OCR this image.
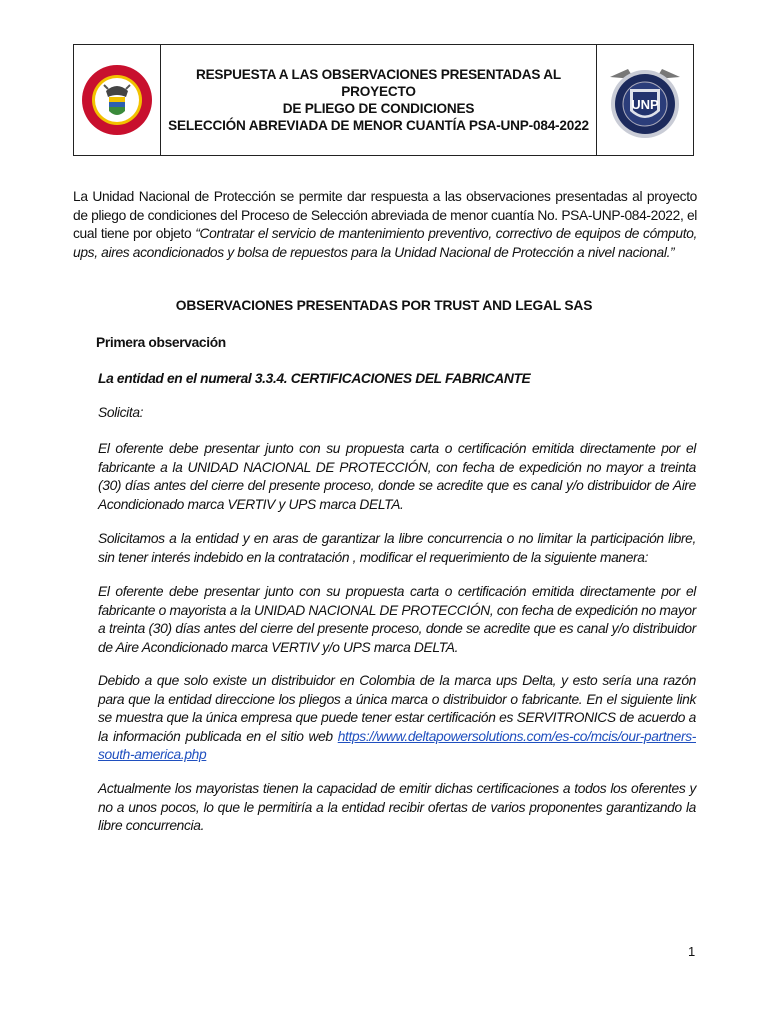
RESPUESTA A LAS OBSERVACIONES PRESENTADAS AL PROYECTO
DE PLIEGO DE CONDICIONES
SELECCIÓN ABREVIADA DE MENOR CUANTÍA PSA-UNP-084-2022
UNP
La Unidad Nacional de Protección se permite dar respuesta a las observaciones presentadas al proyecto de pliego de condiciones del Proceso de Selección abreviada de menor cuantía No. PSA-UNP-084-2022, el cual tiene por objeto “Contratar el servicio de mantenimiento preventivo, correctivo de equipos de cómputo, ups, aires acondicionados y bolsa de repuestos para la Unidad Nacional de Protección a nivel nacional.”
OBSERVACIONES PRESENTADAS POR TRUST AND LEGAL SAS
Primera observación
La entidad en el numeral 3.3.4. CERTIFICACIONES DEL FABRICANTE
Solicita:
El oferente debe presentar junto con su propuesta carta o certificación emitida directamente por el fabricante a la UNIDAD NACIONAL DE PROTECCIÓN, con fecha de expedición no mayor a treinta (30) días antes del cierre del presente proceso, donde se acredite que es canal y/o distribuidor de Aire Acondicionado marca VERTIV y UPS marca DELTA.
Solicitamos a la entidad y en aras de garantizar la libre concurrencia o no limitar la participación libre, sin tener interés indebido en la contratación , modificar el requerimiento de la siguiente manera:
El oferente debe presentar junto con su propuesta carta o certificación emitida directamente por el fabricante o mayorista a la UNIDAD NACIONAL DE PROTECCIÓN, con fecha de expedición no mayor a treinta (30) días antes del cierre del presente proceso, donde se acredite que es canal y/o distribuidor de Aire Acondicionado marca VERTIV y/o UPS marca DELTA.
Debido a que solo existe un distribuidor en Colombia de la marca ups Delta, y esto sería una razón para que la entidad direccione los pliegos a única marca o distribuidor o fabricante. En el siguiente link se muestra que la única empresa que puede tener estar certificación es SERVITRONICS de acuerdo a la información publicada en el sitio web https://www.deltapowersolutions.com/es-co/mcis/our-partners-south-america.php
Actualmente los mayoristas tienen la capacidad de emitir dichas certificaciones a todos los oferentes y no a unos pocos, lo que le permitiría a la entidad recibir ofertas de varios proponentes garantizando la libre concurrencia.
1
